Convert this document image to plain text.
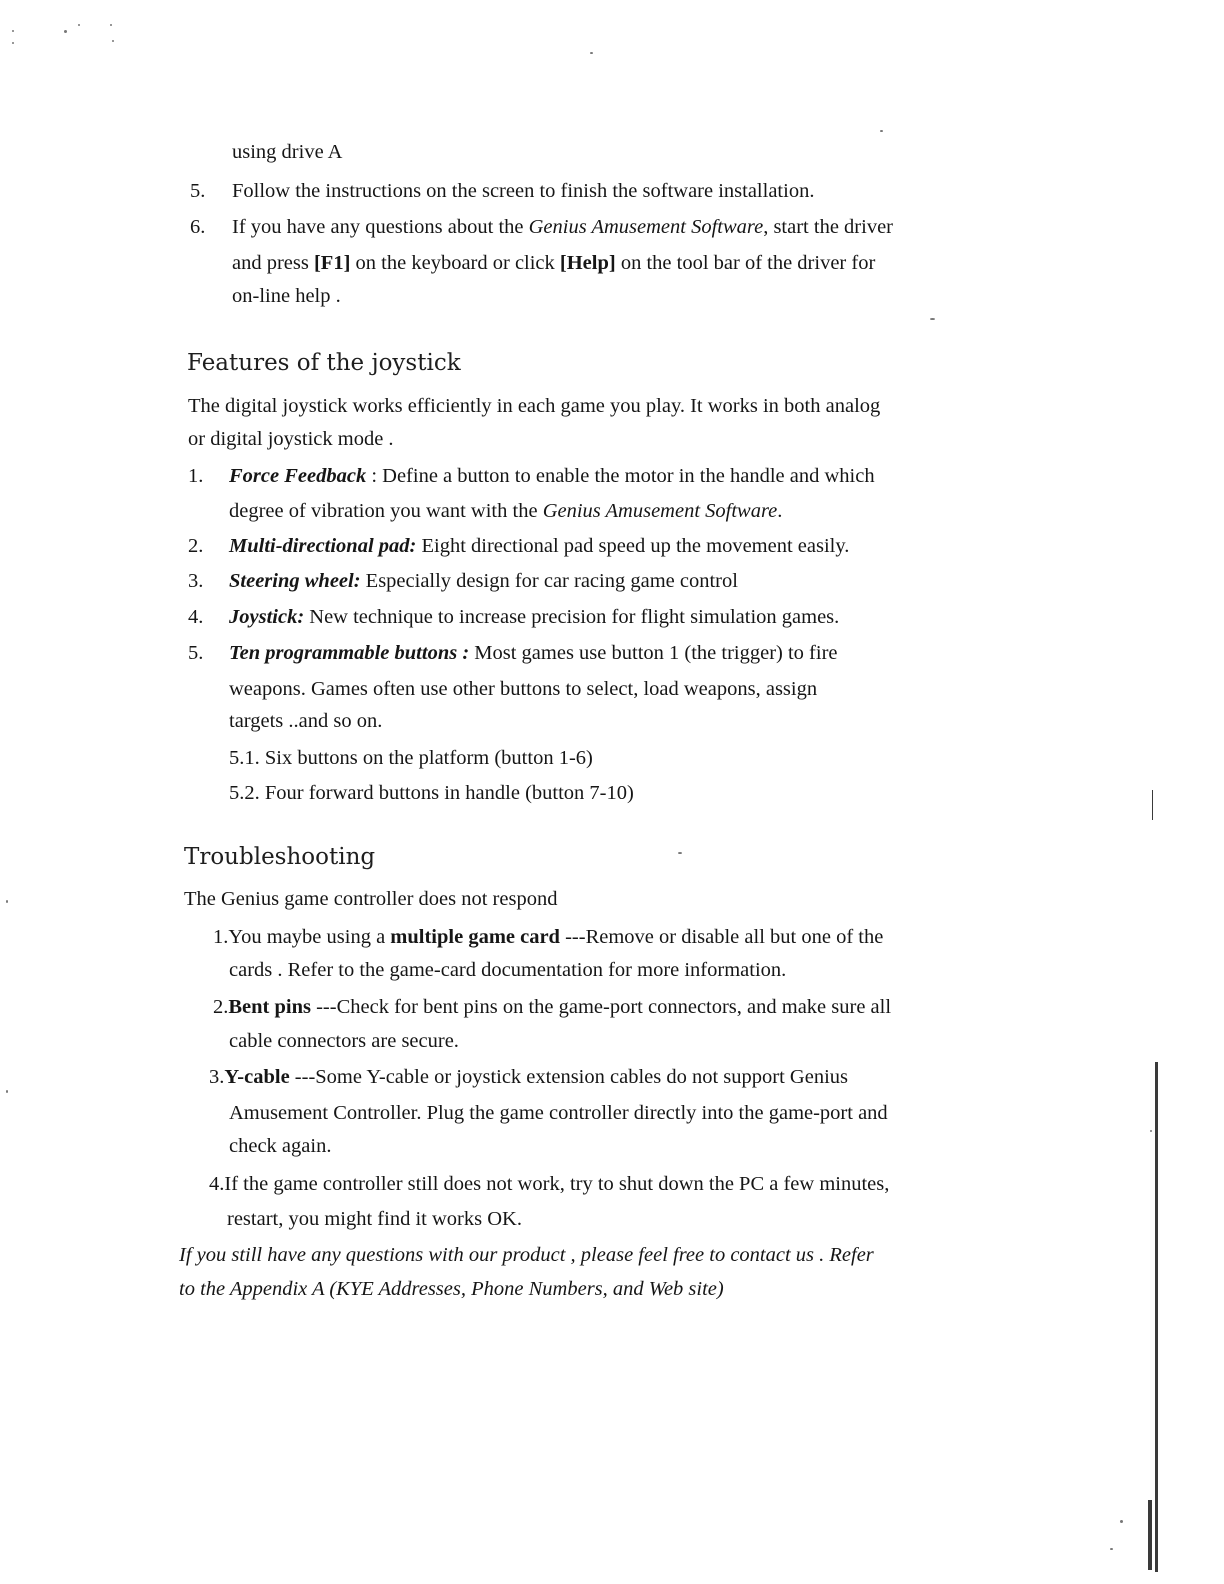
using drive A
5. Follow the instructions on the screen to finish the software installation.
6. If you have any questions about the Genius Amusement Software, start the driver
and press [F1] on the keyboard or click [Help] on the tool bar of the driver for
on-line help .
Features of the joystick
The digital joystick works efficiently in each game you play. It works in both analog
or digital joystick mode .
1. Force Feedback : Define a button to enable the motor in the handle and which
degree of vibration you want with the Genius Amusement Software.
2. Multi-directional pad: Eight directional pad speed up the movement easily.
3. Steering wheel: Especially design for car racing game control
4. Joystick: New technique to increase precision for flight simulation games.
5. Ten programmable buttons : Most games use button 1 (the trigger) to fire
weapons. Games often use other buttons to select, load weapons, assign
targets ..and so on.
5.1. Six buttons on the platform (button 1-6)
5.2. Four forward buttons in handle (button 7-10)
Troubleshooting
The Genius game controller does not respond
1.You maybe using a multiple game card ---Remove or disable all but one of the
cards . Refer to the game-card documentation for more information.
2.Bent pins ---Check for bent pins on the game-port connectors, and make sure all
cable connectors are secure.
3.Y-cable ---Some Y-cable or joystick extension cables do not support Genius
Amusement Controller. Plug the game controller directly into the game-port and
check again.
4.If the game controller still does not work, try to shut down the PC a few minutes,
restart, you might find it works OK.
If you still have any questions with our product , please feel free to contact us . Refer
to the Appendix A (KYE Addresses, Phone Numbers, and Web site)
